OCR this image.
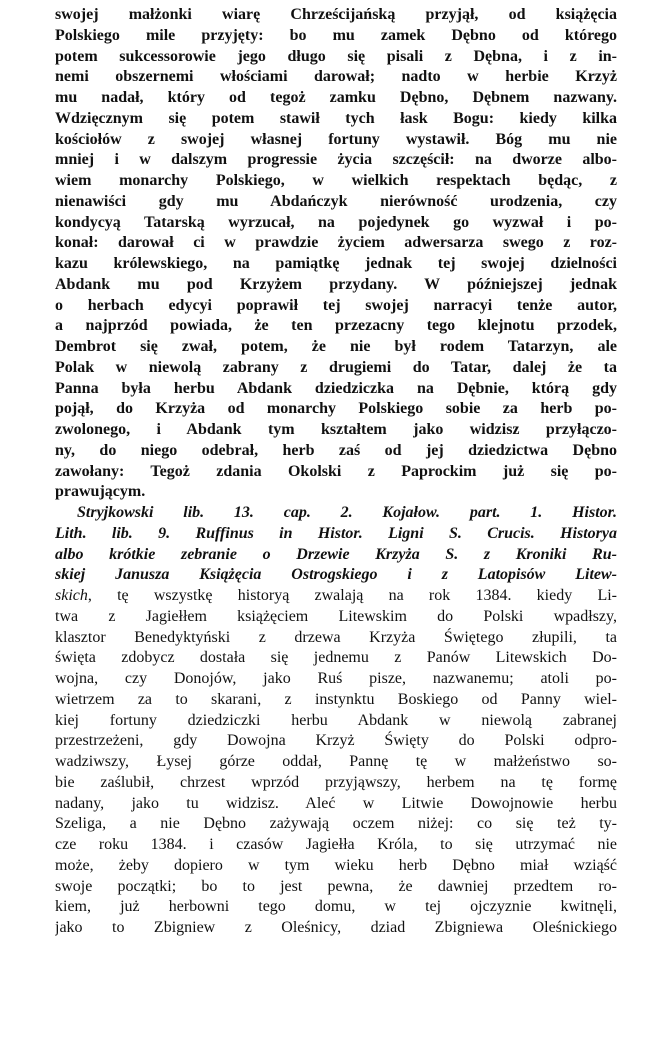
swojej małżonki wiarę Chrześcijańską przyjął, od książęcia
Polskiego mile przyjęty: bo mu zamek Dębno od którego
potem sukcessorowie jego długo się pisali z Dębna, i z in-
nemi obszernemi włościami darował; nadto w herbie Krzyż
mu nadał, który od tegoż zamku Dębno, Dębnem nazwany.
Wdzięcznym się potem stawił tych łask Bogu: kiedy kilka
kościołów z swojej własnej fortuny wystawił. Bóg mu nie
mniej i w dalszym progressie życia szczęścił: na dworze albo-
wiem monarchy Polskiego, w wielkich respektach będąc, z
nienawiści gdy mu Abdańczyk nierówność urodzenia, czy
kondycyą Tatarską wyrzucał, na pojedynek go wyzwał i po-
konał: darował ci w prawdzie życiem adwersarza swego z roz-
kazu królewskiego, na pamiątkę jednak tej swojej dzielności
Abdank mu pod Krzyżem przydany. W późniejszej jednak
o herbach edycyi poprawił tej swojej narracyi tenże autor,
a najprzód powiada, że ten przezacny tego klejnotu przodek,
Dembrot się zwał, potem, że nie był rodem Tatarzyn, ale
Polak w niewolą zabrany z drugiemi do Tatar, dalej że ta
Panna była herbu Abdank dziedziczka na Dębnie, którą gdy
pojął, do Krzyża od monarchy Polskiego sobie za herb po-
zwolonego, i Abdank tym kształtem jako widzisz przyłączo-
ny, do niego odebrał, herb zaś od jej dziedzictwa Dębno
zawołany: Tegoż zdania Okolski z Paprockim już się po-
prawującym.
Stryjkowski lib. 13. cap. 2. Kojałow. part. 1. Histor.
Lith. lib. 9. Ruffinus in Histor. Ligni S. Crucis. Historya
albo krótkie zebranie o Drzewie Krzyża S. z Kroniki Ru-
skiej Janusza Książęcia Ostrogskiego i z Latopisów Litew-
skich, tę wszystkę historyą zwalają na rok 1384. kiedy Li-
twa z Jagiełłem książęciem Litewskim do Polski wpadłszy,
klasztor Benedyktyński z drzewa Krzyża Świętego złupili, ta
święta zdobycz dostała się jednemu z Panów Litewskich Do-
wojna, czy Donojów, jako Ruś pisze, nazwanemu; atoli po-
wietrzem za to skarani, z instynktu Boskiego od Panny wiel-
kiej fortuny dziedziczki herbu Abdank w niewolą zabranej
przestrzeżeni, gdy Dowojna Krzyż Święty do Polski odpro-
wadziwszy, Łysej górze oddał, Pannę tę w małżeństwo so-
bie zaślubił, chrzest wprzód przyjąwszy, herbem na tę formę
nadany, jako tu widzisz. Aleć w Litwie Dowojnowie herbu
Szeliga, a nie Dębno zażywają oczem niżej: co się też ty-
cze roku 1384. i czasów Jagiełła Króla, to się utrzymać nie
może, żeby dopiero w tym wieku herb Dębno miał wziąść
swoje początki; bo to jest pewna, że dawniej przedtem ro-
kiem, już herbowni tego domu, w tej ojczyznie kwitnęli,
jako to Zbigniew z Oleśnicy, dziad Zbigniewa Oleśnickiego
